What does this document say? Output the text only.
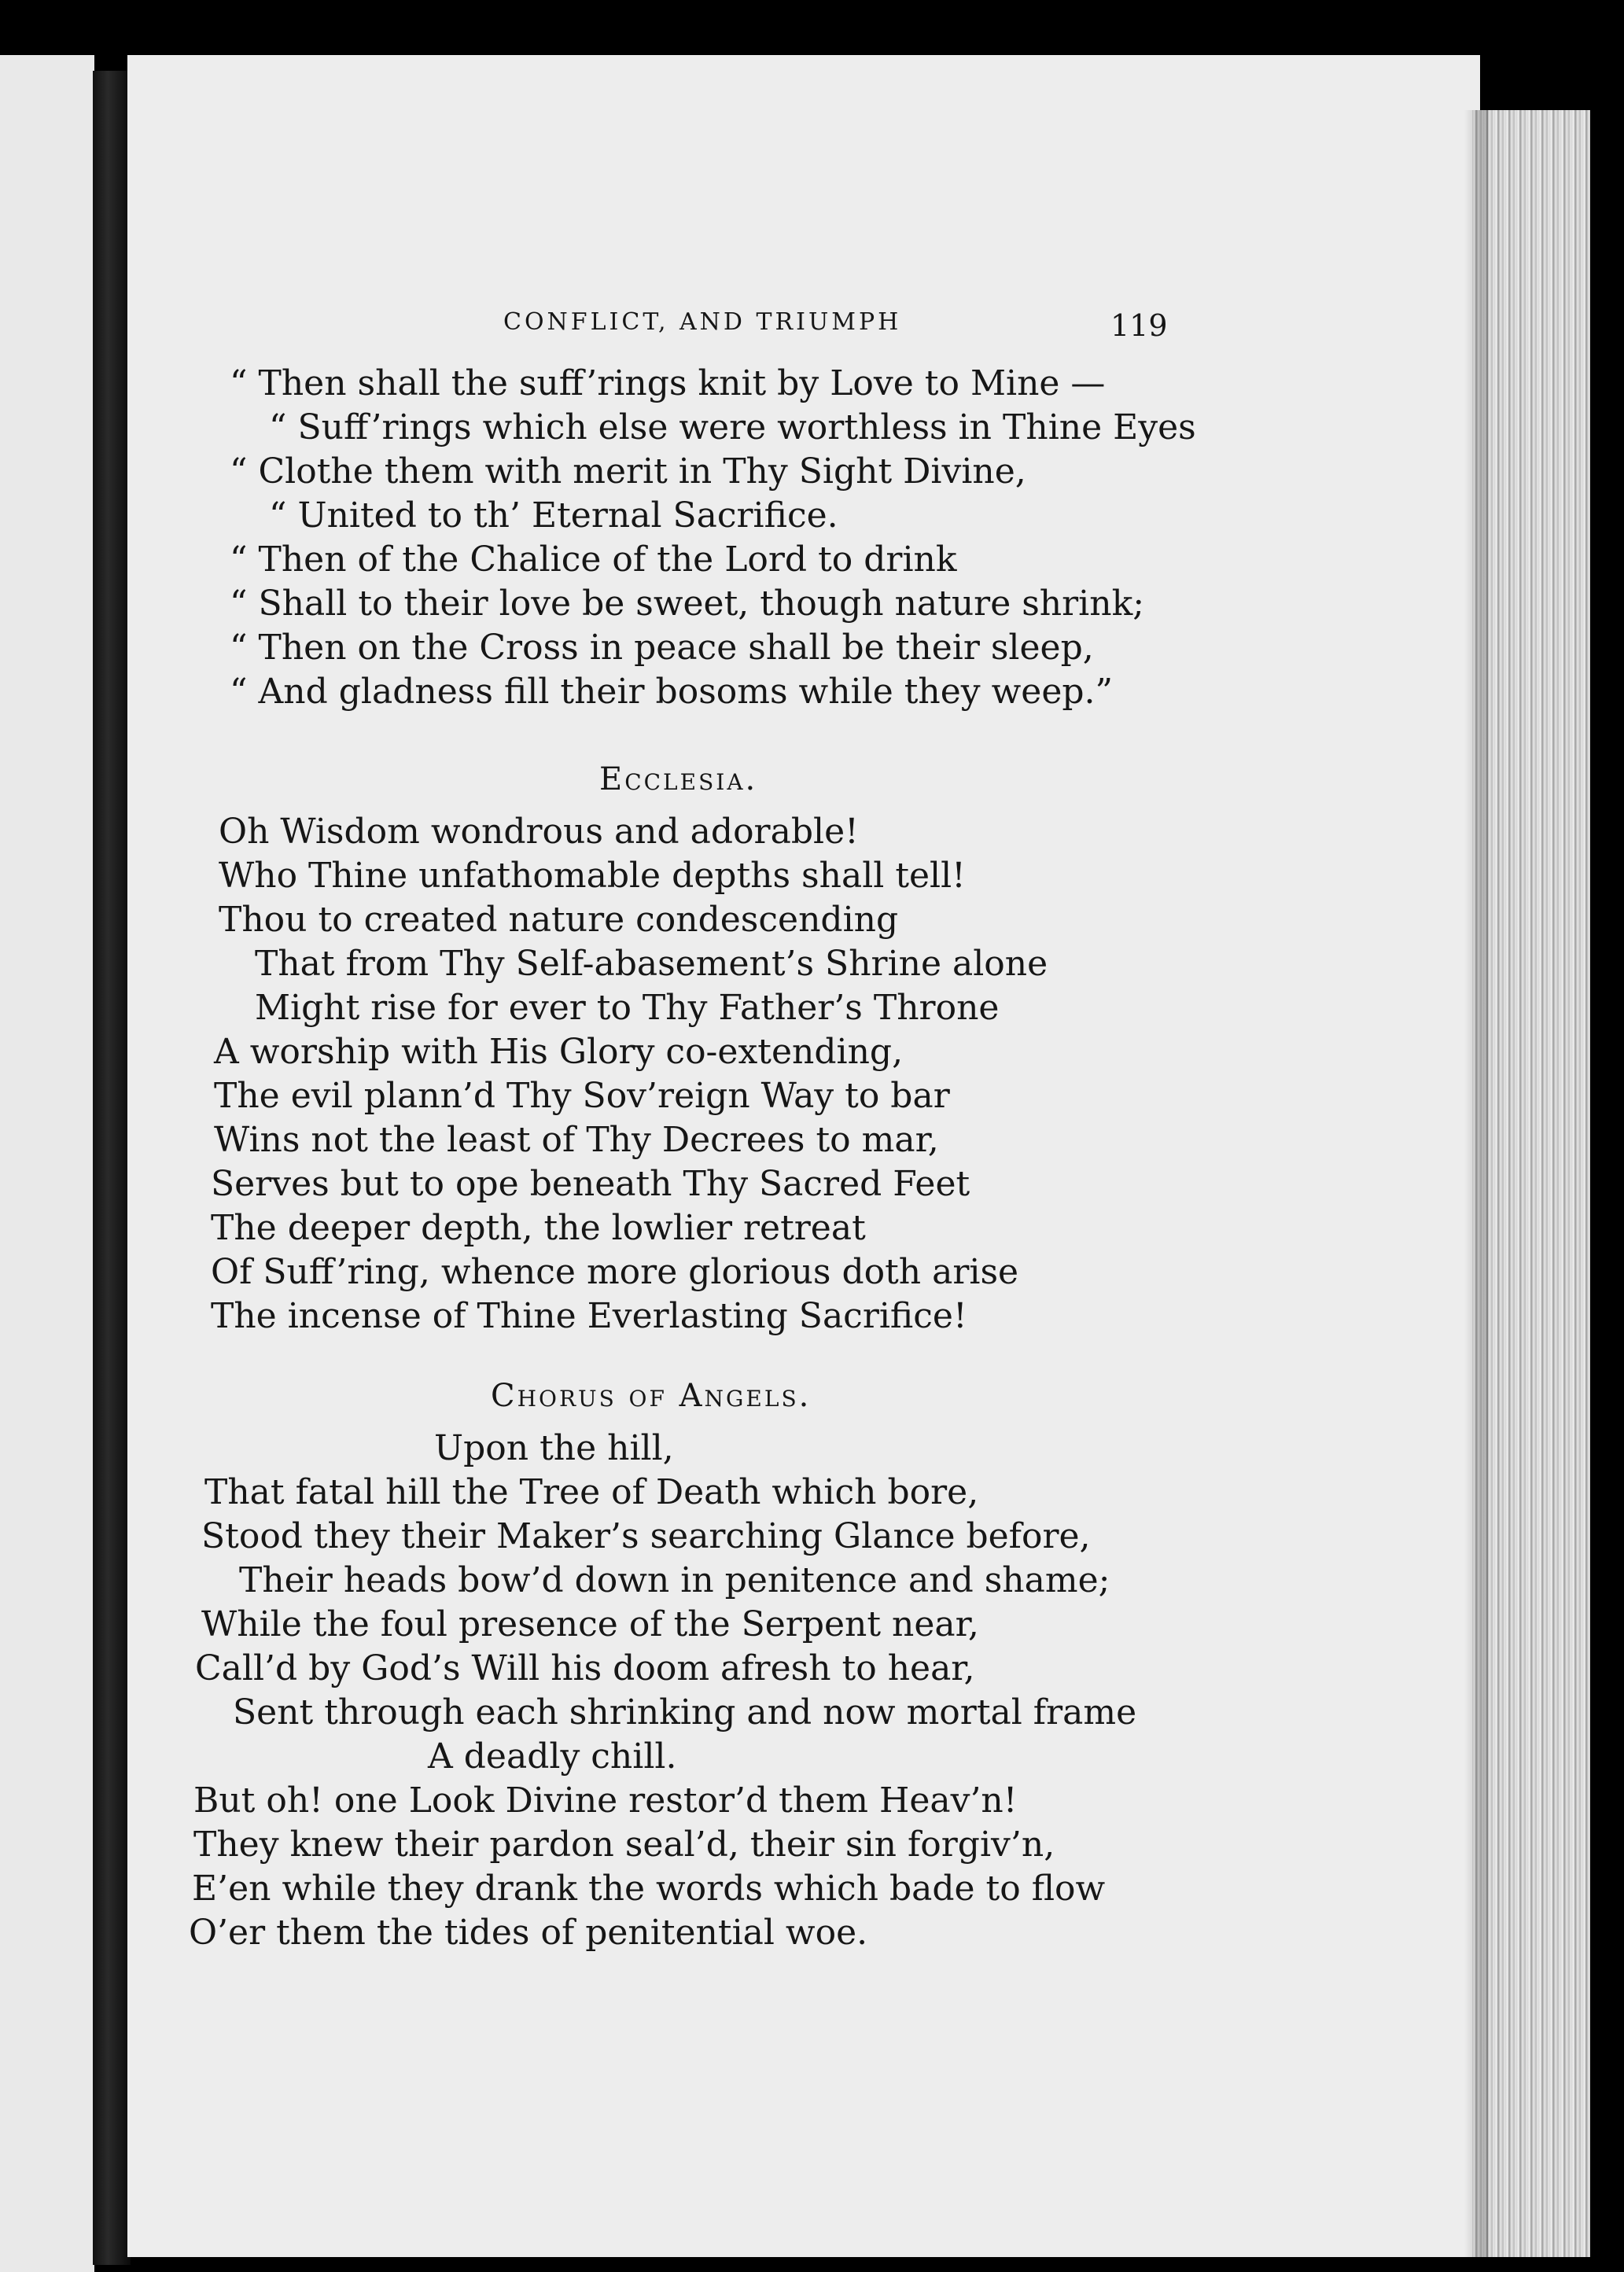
CONFLICT, AND TRIUMPH	119
“ Then shall the suff’rings knit by Love to Mine —
“ Suff’rings which else were worthless in Thine Eyes
“ Clothe them with merit in Thy Sight Divine,
“ United to th’ Eternal Sacrifice.
“ Then of the Chalice of the Lord to drink
“ Shall to their love be sweet, though nature shrink;
“ Then on the Cross in peace shall be their sleep,
“ And gladness fill their bosoms while they weep.”
Ecclesia.
Oh Wisdom wondrous and adorable!
Who Thine unfathomable depths shall tell!
Thou to created nature condescending
That from Thy Self-abasement’s Shrine alone
Might rise for ever to Thy Father’s Throne
A worship with His Glory co-extending,
The evil plann’d Thy Sov’reign Way to bar
Wins not the least of Thy Decrees to mar,
Serves but to ope beneath Thy Sacred Feet
The deeper depth, the lowlier retreat
Of Suff’ring, whence more glorious doth arise
The incense of Thine Everlasting Sacrifice!
Chorus of Angels.
Upon the hill,
That fatal hill the Tree of Death which bore,
Stood they their Maker’s searching Glance before,
Their heads bow’d down in penitence and shame;
While the foul presence of the Serpent near,
Call’d by God’s Will his doom afresh to hear,
Sent through each shrinking and now mortal frame
A deadly chill.
But oh! one Look Divine restor’d them Heav’n!
They knew their pardon seal’d, their sin forgiv’n,
E’en while they drank the words which bade to flow
O’er them the tides of penitential woe.
